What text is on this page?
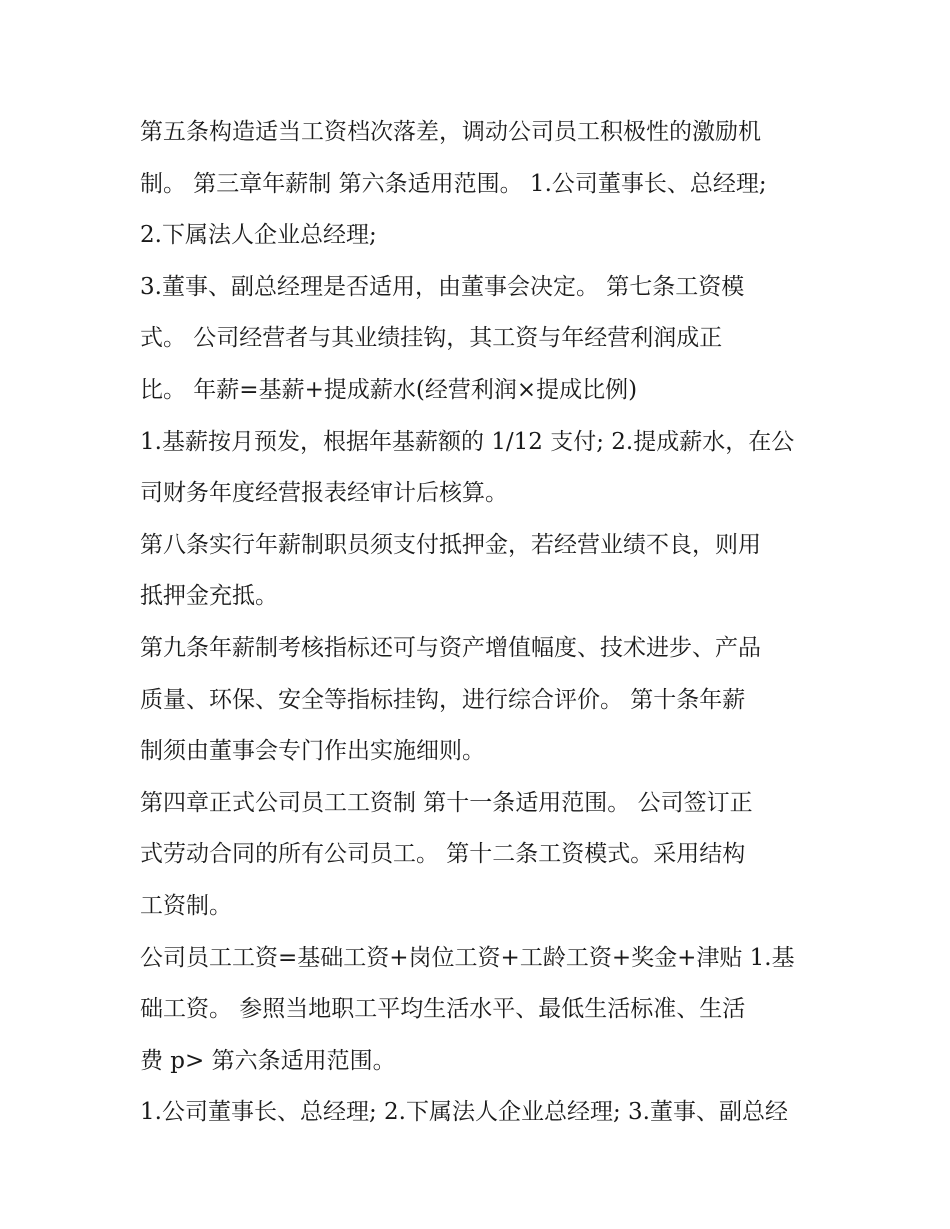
第五条构造适当工资档次落差，调动公司员工积极性的激励机
制。 第三章年薪制 第六条适用范围。 1.公司董事长、总经理;
2.下属法人企业总经理;
3.董事、副总经理是否适用，由董事会决定。 第七条工资模
式。 公司经营者与其业绩挂钩，其工资与年经营利润成正
比。 年薪=基薪+提成薪水(经营利润×提成比例)
1.基薪按月预发，根据年基薪额的 1/12 支付; 2.提成薪水，在公
司财务年度经营报表经审计后核算。
第八条实行年薪制职员须支付抵押金，若经营业绩不良，则用
抵押金充抵。
第九条年薪制考核指标还可与资产增值幅度、技术进步、产品
质量、环保、安全等指标挂钩，进行综合评价。 第十条年薪
制须由董事会专门作出实施细则。
第四章正式公司员工工资制 第十一条适用范围。 公司签订正
式劳动合同的所有公司员工。 第十二条工资模式。采用结构
工资制。
公司员工工资=基础工资+岗位工资+工龄工资+奖金+津贴 1.基
础工资。 参照当地职工平均生活水平、最低生活标准、生活
费 p> 第六条适用范围。
1.公司董事长、总经理; 2.下属法人企业总经理; 3.董事、副总经
